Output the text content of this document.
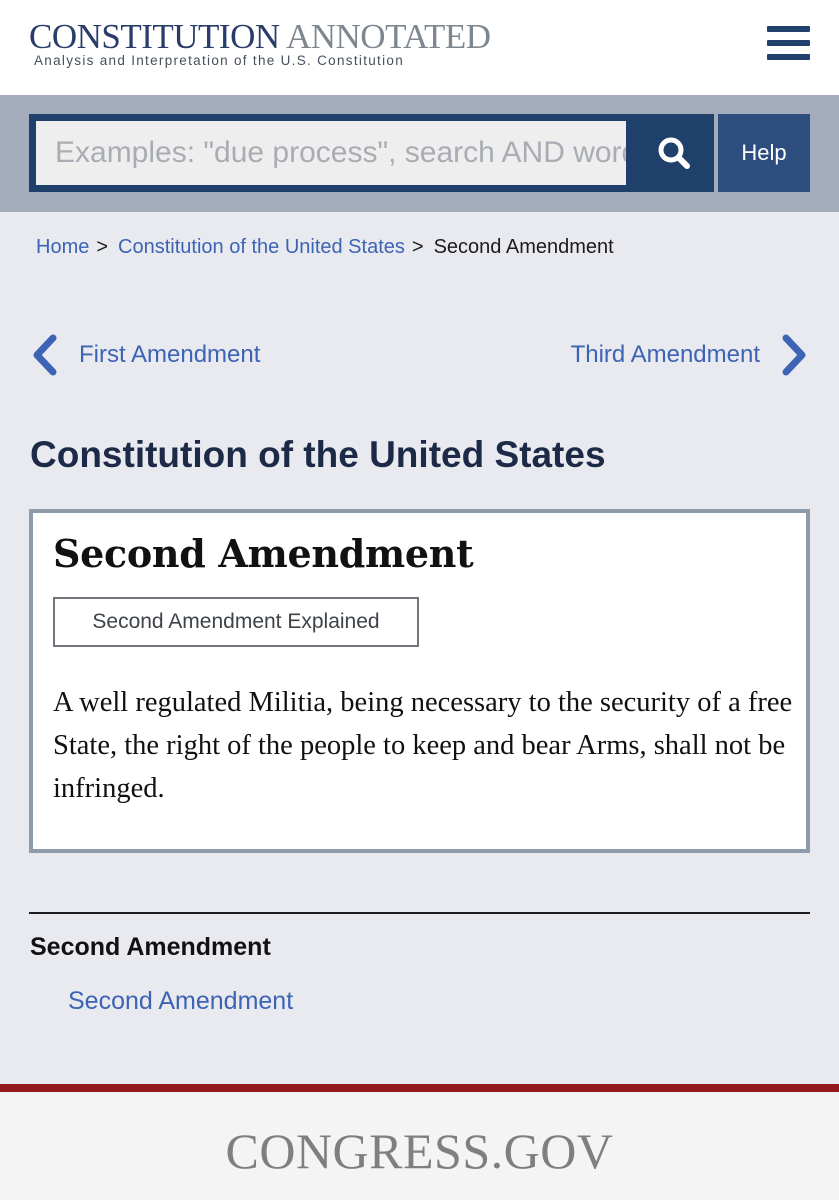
CONSTITUTION ANNOTATED
Analysis and Interpretation of the U.S. Constitution
Examples: "due process", search AND words
Help
Home > Constitution of the United States > Second Amendment
First Amendment	Third Amendment
Constitution of the United States
Second Amendment
Second Amendment Explained

A well regulated Militia, being necessary to the security of a free State, the right of the people to keep and bear Arms, shall not be infringed.

Second Amendment
Second Amendment
CONGRESS.GOV
